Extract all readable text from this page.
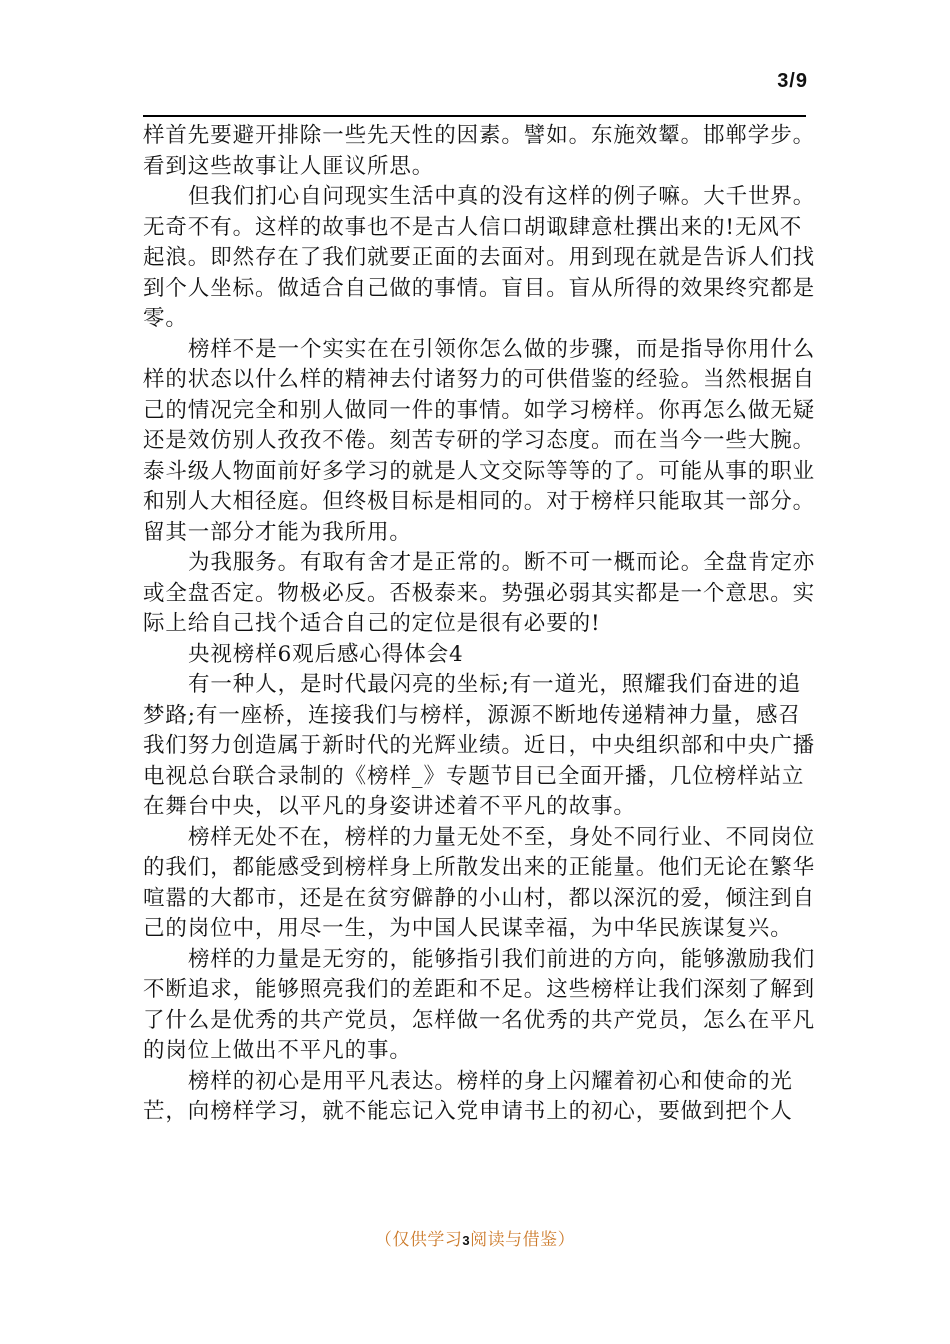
3/9

样首先要避开排除一些先天性的因素。譬如。东施效颦。邯郸学步。看到这些故事让人匪议所思。

但我们扪心自问现实生活中真的没有这样的例子嘛。大千世界。无奇不有。这样的故事也不是古人信口胡诹肆意杜撰出来的!无风不起浪。即然存在了我们就要正面的去面对。用到现在就是告诉人们找到个人坐标。做适合自己做的事情。盲目。盲从所得的效果终究都是零。

榜样不是一个实实在在引领你怎么做的步骤，而是指导你用什么样的状态以什么样的精神去付诸努力的可供借鉴的经验。当然根据自己的情况完全和别人做同一件的事情。如学习榜样。你再怎么做无疑还是效仿别人孜孜不倦。刻苦专研的学习态度。而在当今一些大腕。泰斗级人物面前好多学习的就是人文交际等等的了。可能从事的职业和别人大相径庭。但终极目标是相同的。对于榜样只能取其一部分。留其一部分才能为我所用。

为我服务。有取有舍才是正常的。断不可一概而论。全盘肯定亦或全盘否定。物极必反。否极泰来。势强必弱其实都是一个意思。实际上给自己找个适合自己的定位是很有必要的!

央视榜样6观后感心得体会4

有一种人，是时代最闪亮的坐标;有一道光，照耀我们奋进的追梦路;有一座桥，连接我们与榜样，源源不断地传递精神力量，感召我们努力创造属于新时代的光辉业绩。近日，中央组织部和中央广播电视总台联合录制的《榜样_》专题节目已全面开播，几位榜样站立在舞台中央，以平凡的身姿讲述着不平凡的故事。

榜样无处不在，榜样的力量无处不至，身处不同行业、不同岗位的我们，都能感受到榜样身上所散发出来的正能量。他们无论在繁华喧嚣的大都市，还是在贫穷僻静的小山村，都以深沉的爱，倾注到自己的岗位中，用尽一生，为中国人民谋幸福，为中华民族谋复兴。

榜样的力量是无穷的，能够指引我们前进的方向，能够激励我们不断追求，能够照亮我们的差距和不足。这些榜样让我们深刻了解到了什么是优秀的共产党员，怎样做一名优秀的共产党员，怎么在平凡的岗位上做出不平凡的事。

榜样的初心是用平凡表达。榜样的身上闪耀着初心和使命的光芒，向榜样学习，就不能忘记入党申请书上的初心，要做到把个人

（仅供学习3阅读与借鉴）
